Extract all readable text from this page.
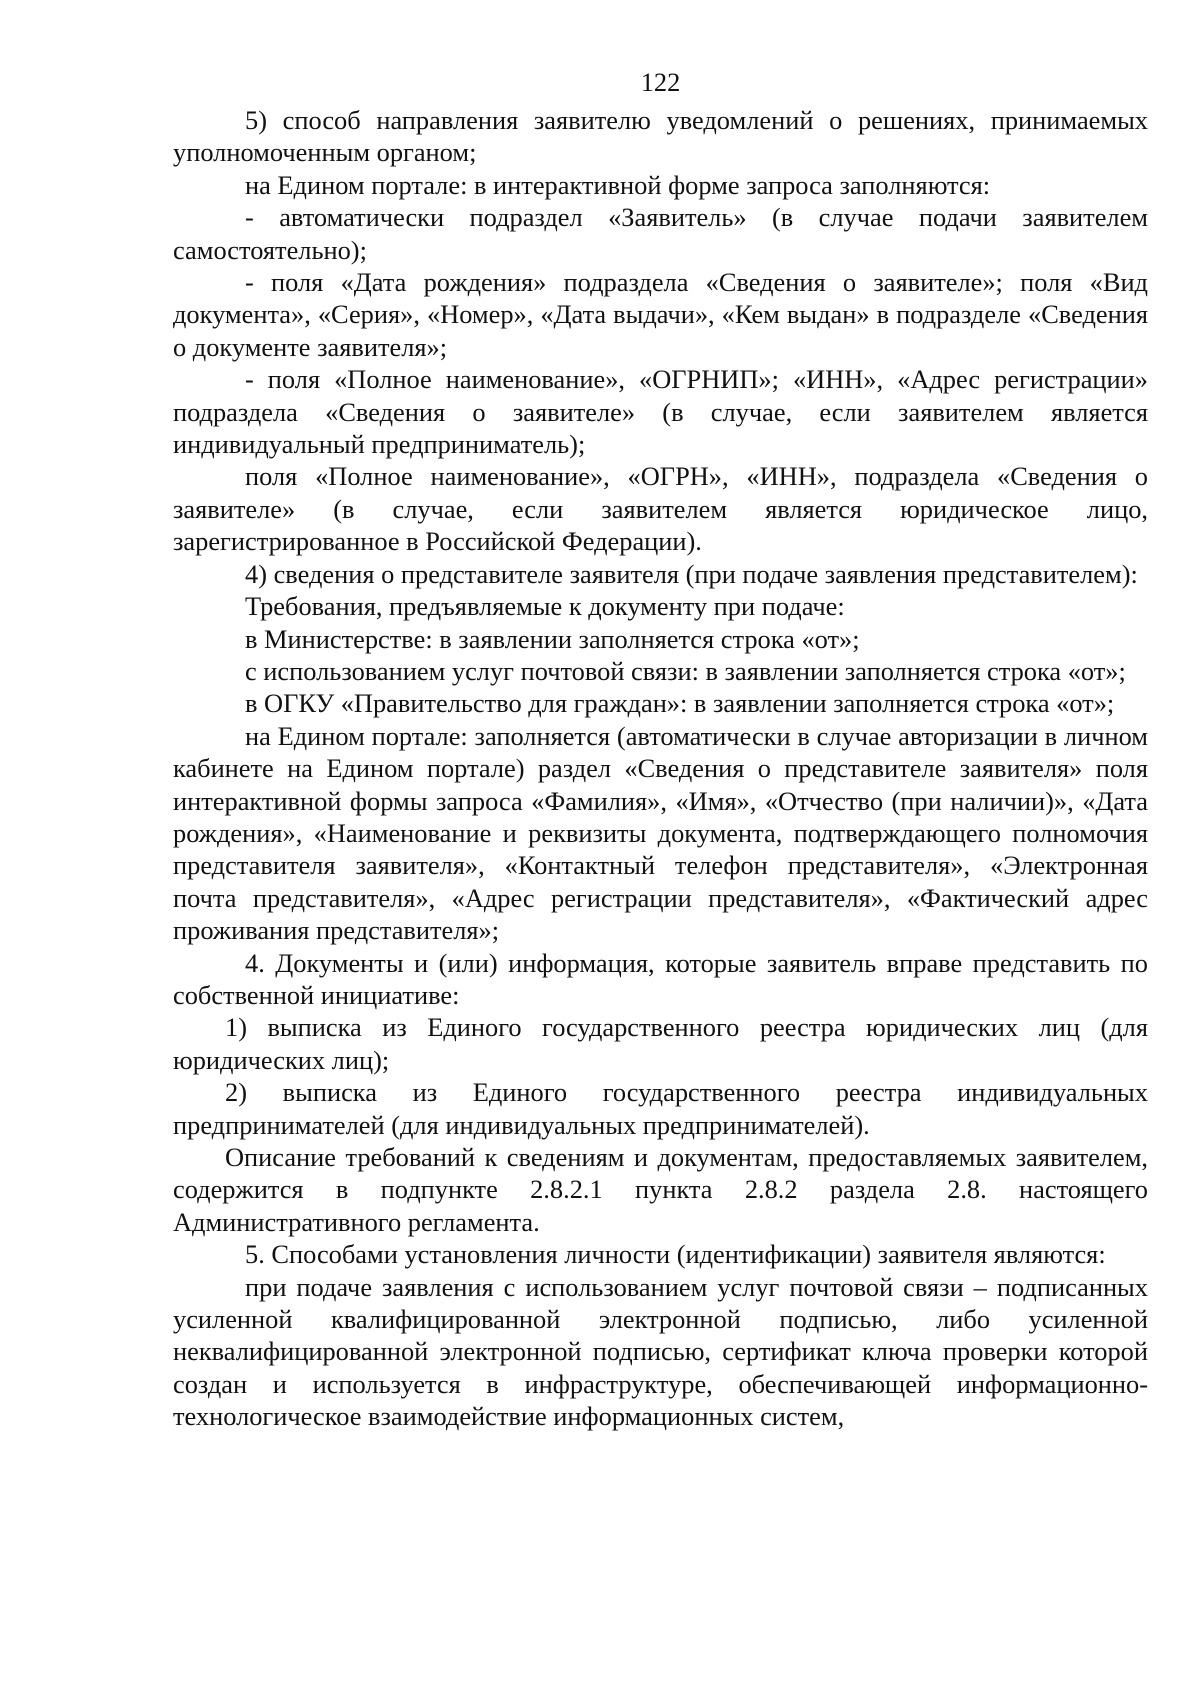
122

5) способ направления заявителю уведомлений о решениях, принимаемых уполномоченным органом;

на Едином портале: в интерактивной форме запроса заполняются:

- автоматически подраздел «Заявитель» (в случае подачи заявителем самостоятельно);

- поля «Дата рождения» подраздела «Сведения о заявителе»; поля «Вид документа», «Серия», «Номер», «Дата выдачи», «Кем выдан» в подразделе «Сведения о документе заявителя»;

- поля «Полное наименование», «ОГРНИП»; «ИНН», «Адрес регистрации» подраздела «Сведения о заявителе» (в случае, если заявителем является индивидуальный предприниматель);

поля «Полное наименование», «ОГРН», «ИНН», подраздела «Сведения о заявителе» (в случае, если заявителем является юридическое лицо, зарегистрированное в Российской Федерации).

4) сведения о представителе заявителя (при подаче заявления представителем):

Требования, предъявляемые к документу при подаче:

в Министерстве: в заявлении заполняется строка «от»;

с использованием услуг почтовой связи: в заявлении заполняется строка «от»;

в ОГКУ «Правительство для граждан»: в заявлении заполняется строка «от»;

на Едином портале: заполняется (автоматически в случае авторизации в личном кабинете на Едином портале) раздел «Сведения о представителе заявителя» поля интерактивной формы запроса «Фамилия», «Имя», «Отчество (при наличии)», «Дата рождения», «Наименование и реквизиты документа, подтверждающего полномочия представителя заявителя», «Контактный телефон представителя», «Электронная почта представителя», «Адрес регистрации представителя», «Фактический адрес проживания представителя»;

4. Документы и (или) информация, которые заявитель вправе представить по собственной инициативе:

1) выписка из Единого государственного реестра юридических лиц (для юридических лиц);

2) выписка из Единого государственного реестра индивидуальных предпринимателей (для индивидуальных предпринимателей).

Описание требований к сведениям и документам, предоставляемых заявителем, содержится в подпункте 2.8.2.1 пункта 2.8.2 раздела 2.8. настоящего Административного регламента.

5. Способами установления личности (идентификации) заявителя являются:

при подаче заявления с использованием услуг почтовой связи – подписанных усиленной квалифицированной электронной подписью, либо усиленной неквалифицированной электронной подписью, сертификат ключа проверки которой создан и используется в инфраструктуре, обеспечивающей информационно-технологическое взаимодействие информационных систем,
